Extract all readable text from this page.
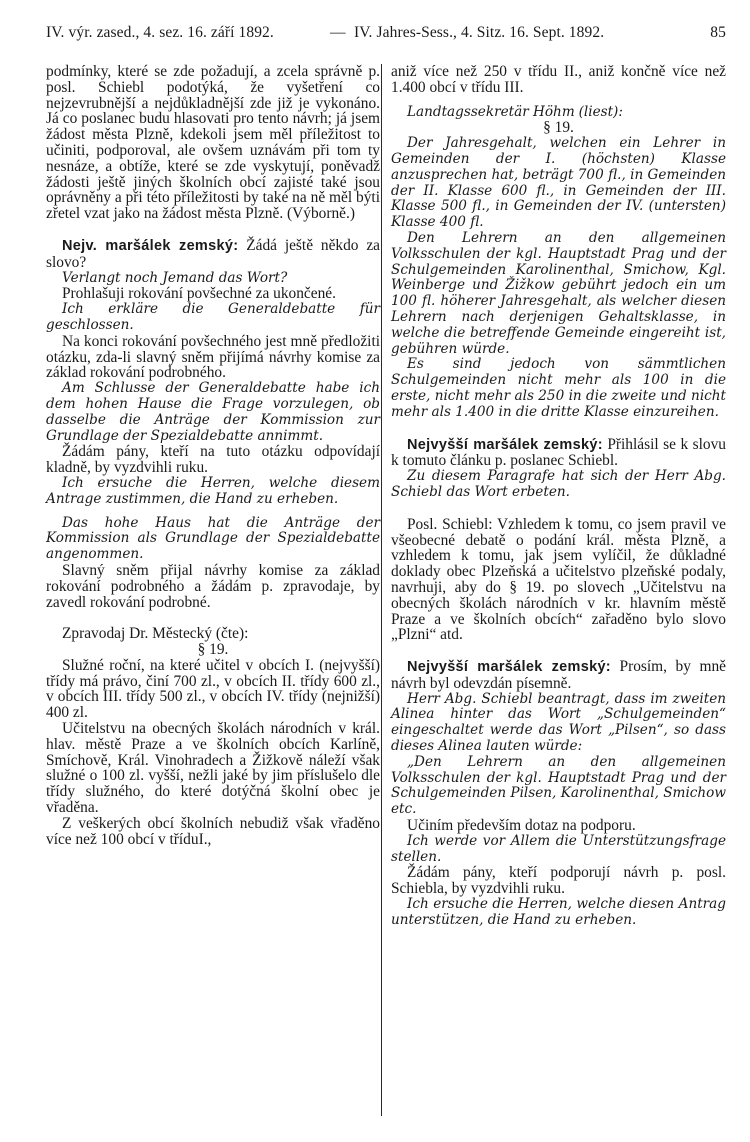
IV. výr. zased., 4. sez. 16. září 1892.	— IV. Jahres-Sess., 4. Sitz. 16. Sept. 1892.	85

podmínky, které se zde požadují, a zcela správně p. posl. Schiebl podotýká, že vyšetření co nejzevrubnější a nejdůkladnější zde již je vykonáno. Já co poslanec budu hlasovati pro tento návrh; já jsem žádost města Plzně, kdekoli jsem měl příležitost to učiniti, podporoval, ale ovšem uznávám při tom ty nesnáze, a obtíže, které se zde vyskytují, poněvadž žádosti ještě jiných školních obcí zajisté také jsou oprávněny a při této příležitosti by také na ně měl býti zřetel vzat jako na žádost města Plzně. (Výborně.)

Nejv. maršálek zemský: Žádá ještě někdo za slovo?

Verlangt noch Jemand das Wort?

Prohlašuji rokování povšechné za ukončené.

Ich erkläre die Generaldebatte für geschlossen.

Na konci rokování povšechného jest mně předložiti otázku, zda-li slavný sněm přijímá návrhy komise za základ rokování podrobného.

Am Schlusse der Generaldebatte habe ich dem hohen Hause die Frage vorzulegen, ob dasselbe die Anträge der Kommission zur Grundlage der Spezialdebatte annimmt.

Žádám pány, kteří na tuto otázku odpovídají kladně, by vyzdvihli ruku.

Ich ersuche die Herren, welche diesem Antrage zustimmen, die Hand zu erheben.

Das hohe Haus hat die Anträge der Kommission als Grundlage der Spezialdebatte angenommen.

Slavný sněm přijal návrhy komise za základ rokování podrobného a žádám p. zpravodaje, by zavedl rokování podrobné.

Zpravodaj Dr. Městecký (čte):

§ 19.

Služné roční, na které učitel v obcích I. (nejvyšší) třídy má právo, činí 700 zl., v obcích II. třídy 600 zl., v obcích III. třídy 500 zl., v obcích IV. třídy (nejnižší) 400 zl.

Učitelstvu na obecných školách národních v král. hlav. městě Praze a ve školních obcích Karlíně, Smíchově, Král. Vinohradech a Žižkově náleží však služné o 100 zl. vyšší, nežli jaké by jim příslušelo dle třídy služného, do které dotýčná školní obec je vřaděna.

Z veškerých obcí školních nebudiž však vřaděno více než 100 obcí v tříduI.,

aniž více než 250 v třídu II., aniž končně více než 1.400 obcí v třídu III.

Landtagssekretär Höhm (liest):

§ 19.

Der Jahresgehalt, welchen ein Lehrer in Gemeinden der I. (höchsten) Klasse anzusprechen hat, beträgt 700 fl., in Gemeinden der II. Klasse 600 fl., in Gemeinden der III. Klasse 500 fl., in Gemeinden der IV. (untersten) Klasse 400 fl.

Den Lehrern an den allgemeinen Volksschulen der kgl. Hauptstadt Prag und der Schulgemeinden Karolinenthal, Smichow, Kgl. Weinberge und Žižkow gebührt jedoch ein um 100 fl. höherer Jahresgehalt, als welcher diesen Lehrern nach derjenigen Gehaltsklasse, in welche die betreffende Gemeinde eingereiht ist, gebühren würde.

Es sind jedoch von sämmtlichen Schulgemeinden nicht mehr als 100 in die erste, nicht mehr als 250 in die zweite und nicht mehr als 1.400 in die dritte Klasse einzureihen.

Nejvyšší maršálek zemský: Přihlásil se k slovu k tomuto článku p. poslanec Schiebl.

Zu diesem Paragrafe hat sich der Herr Abg. Schiebl das Wort erbeten.

Posl. Schiebl: Vzhledem k tomu, co jsem pravil ve všeobecné debatě o podání král. města Plzně, a vzhledem k tomu, jak jsem vylíčil, že důkladné doklady obec Plzeňská a učitelstvo plzeňské podaly, navrhuji, aby do § 19. po slovech „Učitelstvu na obecných školách národních v kr. hlavním městě Praze a ve školních obcích“ zařaděno bylo slovo „Plzni“ atd.

Nejvyšší maršálek zemský: Prosím, by mně návrh byl odevzdán písemně.

Herr Abg. Schiebl beantragt, dass im zweiten Alinea hinter das Wort „Schulgemeinden“ eingeschaltet werde das Wort „Pilsen“, so dass dieses Alinea lauten würde:

„Den Lehrern an den allgemeinen Volksschulen der kgl. Hauptstadt Prag und der Schulgemeinden Pilsen, Karolinenthal, Smichow etc.

Učiním především dotaz na podporu.

Ich werde vor Allem die Unterstützungsfrage stellen.

Žádám pány, kteří podporují návrh p. posl. Schiebla, by vyzdvihli ruku.

Ich ersuche die Herren, welche diesen Antrag unterstützen, die Hand zu erheben.
